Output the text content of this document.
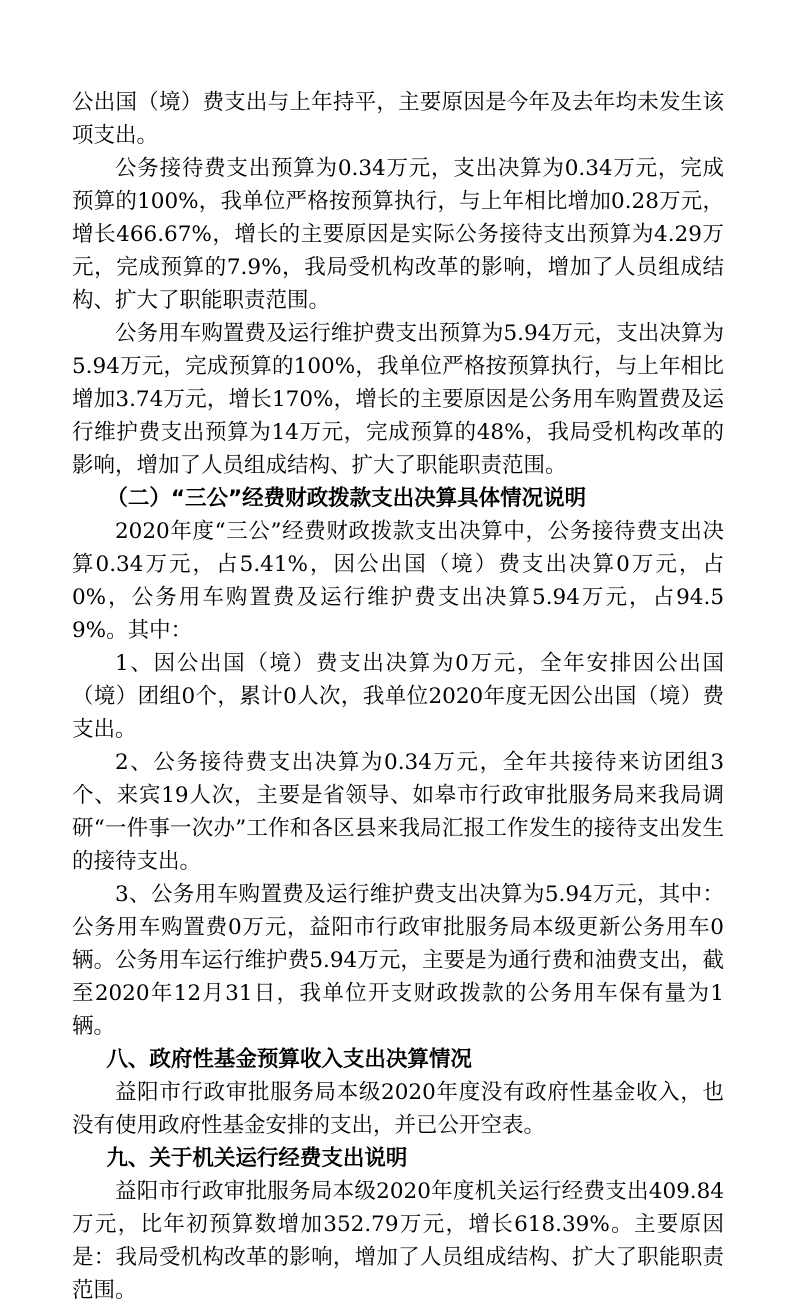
公出国（境）费支出与上年持平，主要原因是今年及去年均未发生该项支出。

公务接待费支出预算为0.34万元，支出决算为0.34万元，完成预算的100%，我单位严格按预算执行，与上年相比增加0.28万元，增长466.67%，增长的主要原因是实际公务接待支出预算为4.29万元，完成预算的7.9%，我局受机构改革的影响，增加了人员组成结构、扩大了职能职责范围。

公务用车购置费及运行维护费支出预算为5.94万元，支出决算为5.94万元，完成预算的100%，我单位严格按预算执行，与上年相比增加3.74万元，增长170%，增长的主要原因是公务用车购置费及运行维护费支出预算为14万元，完成预算的48%，我局受机构改革的影响，增加了人员组成结构、扩大了职能职责范围。

（二）“三公”经费财政拨款支出决算具体情况说明

2020年度“三公”经费财政拨款支出决算中，公务接待费支出决算0.34万元，占5.41%，因公出国（境）费支出决算0万元，占0%，公务用车购置费及运行维护费支出决算5.94万元，占94.59%。其中：

1、因公出国（境）费支出决算为0万元，全年安排因公出国（境）团组0个，累计0人次，我单位2020年度无因公出国（境）费支出。

2、公务接待费支出决算为0.34万元，全年共接待来访团组3个、来宾19人次，主要是省领导、如皋市行政审批服务局来我局调研“一件事一次办”工作和各区县来我局汇报工作发生的接待支出发生的接待支出。

3、公务用车购置费及运行维护费支出决算为5.94万元，其中：公务用车购置费0万元，益阳市行政审批服务局本级更新公务用车0辆。公务用车运行维护费5.94万元，主要是为通行费和油费支出，截至2020年12月31日，我单位开支财政拨款的公务用车保有量为1辆。

八、政府性基金预算收入支出决算情况

益阳市行政审批服务局本级2020年度没有政府性基金收入，也没有使用政府性基金安排的支出，并已公开空表。

九、关于机关运行经费支出说明

益阳市行政审批服务局本级2020年度机关运行经费支出409.84万元，比年初预算数增加352.79万元，增长618.39%。主要原因是：我局受机构改革的影响，增加了人员组成结构、扩大了职能职责范围。
